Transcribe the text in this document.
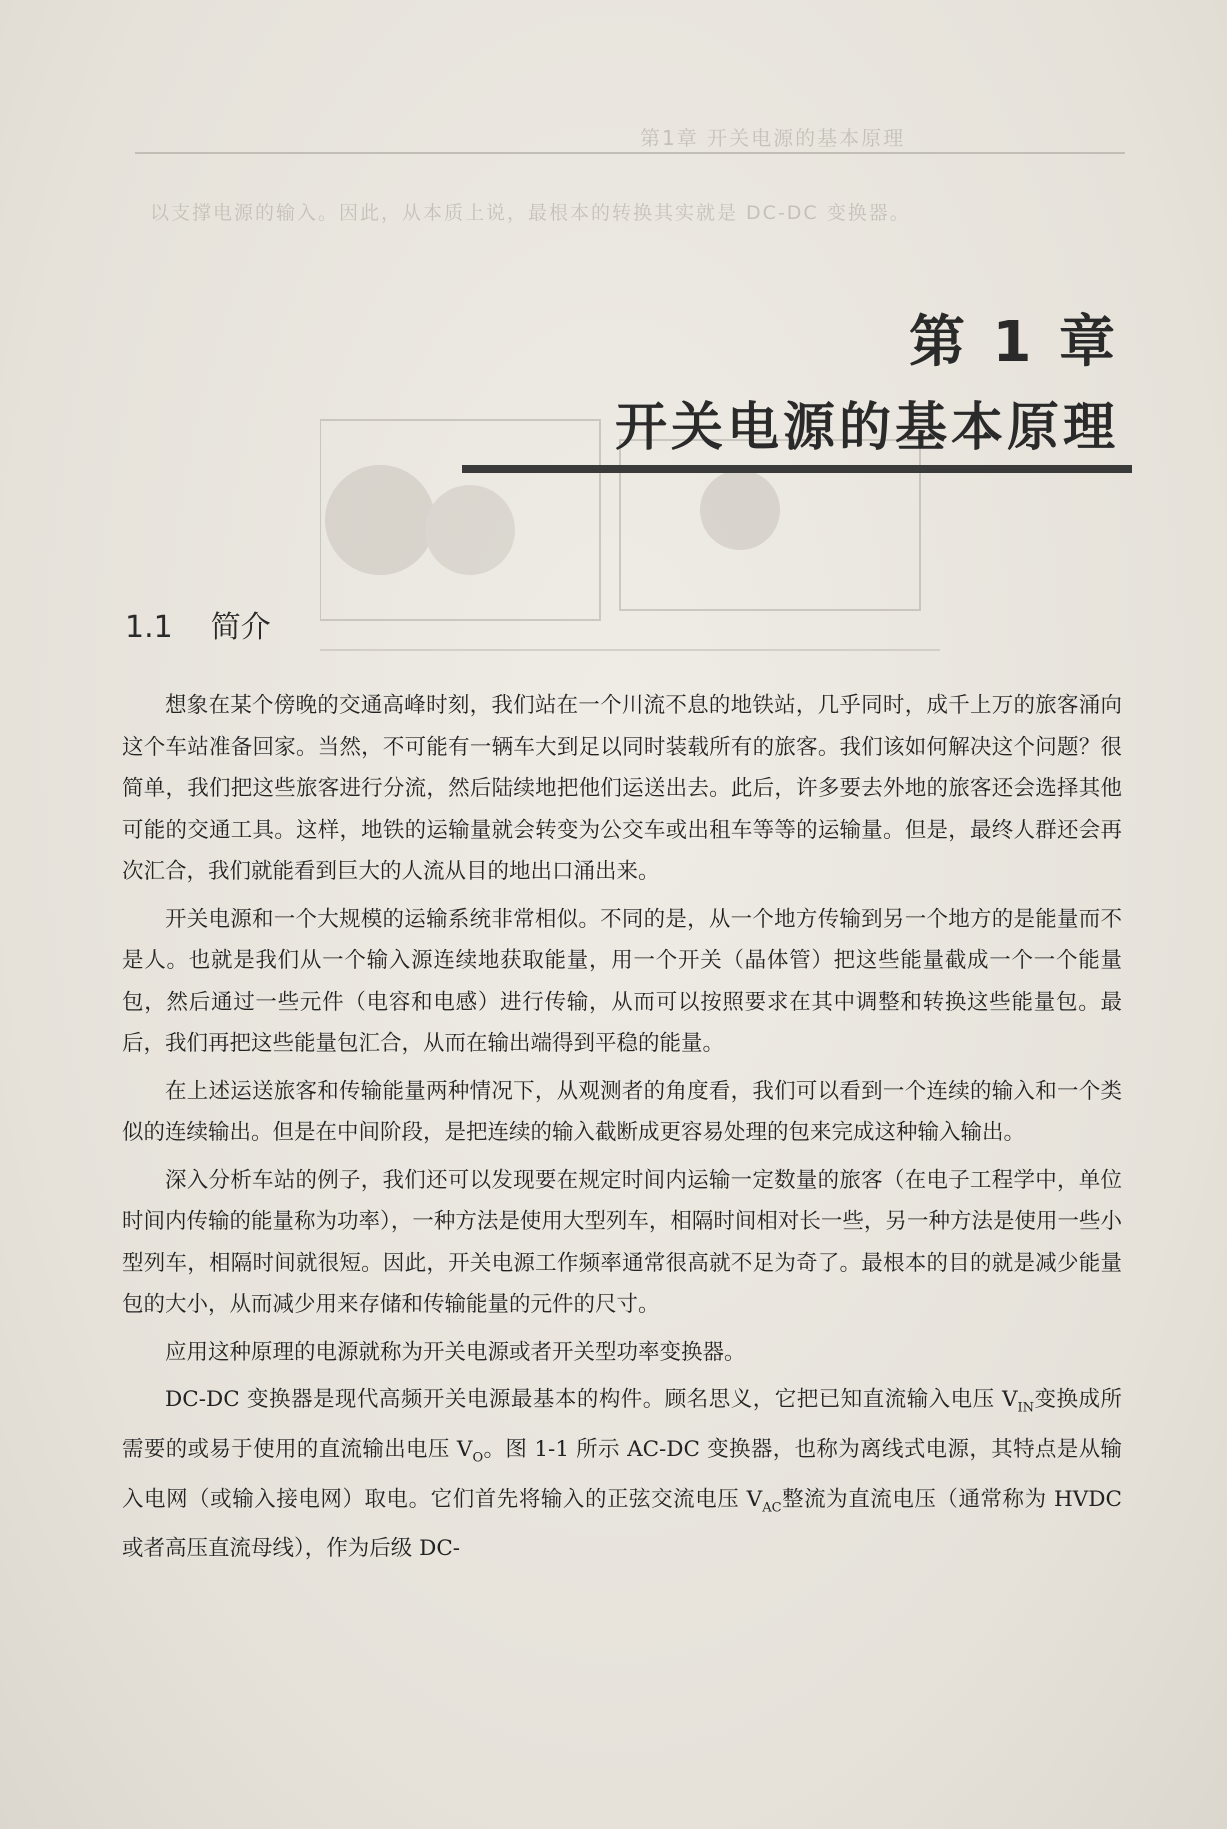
第1章 开关电源的基本原理
以支撑电源的输入。因此，从本质上说，最根本的转换其实就是 DC-DC 变换器。
第 1 章
开关电源的基本原理
1.1 简介

想象在某个傍晚的交通高峰时刻，我们站在一个川流不息的地铁站，几乎同时，成千上万的旅客涌向这个车站准备回家。当然，不可能有一辆车大到足以同时装载所有的旅客。我们该如何解决这个问题？很简单，我们把这些旅客进行分流，然后陆续地把他们运送出去。此后，许多要去外地的旅客还会选择其他可能的交通工具。这样，地铁的运输量就会转变为公交车或出租车等等的运输量。但是，最终人群还会再次汇合，我们就能看到巨大的人流从目的地出口涌出来。

开关电源和一个大规模的运输系统非常相似。不同的是，从一个地方传输到另一个地方的是能量而不是人。也就是我们从一个输入源连续地获取能量，用一个开关（晶体管）把这些能量截成一个一个能量包，然后通过一些元件（电容和电感）进行传输，从而可以按照要求在其中调整和转换这些能量包。最后，我们再把这些能量包汇合，从而在输出端得到平稳的能量。

在上述运送旅客和传输能量两种情况下，从观测者的角度看，我们可以看到一个连续的输入和一个类似的连续输出。但是在中间阶段，是把连续的输入截断成更容易处理的包来完成这种输入输出。

深入分析车站的例子，我们还可以发现要在规定时间内运输一定数量的旅客（在电子工程学中，单位时间内传输的能量称为功率），一种方法是使用大型列车，相隔时间相对长一些，另一种方法是使用一些小型列车，相隔时间就很短。因此，开关电源工作频率通常很高就不足为奇了。最根本的目的就是减少能量包的大小，从而减少用来存储和传输能量的元件的尺寸。

应用这种原理的电源就称为开关电源或者开关型功率变换器。

DC-DC 变换器是现代高频开关电源最基本的构件。顾名思义，它把已知直流输入电压 $V_{IN}$变换成所需要的或易于使用的直流输出电压 $V_O$。图 1-1 所示 AC-DC 变换器，也称为离线式电源，其特点是从输入电网（或输入接电网）取电。它们首先将输入的正弦交流电压 $V_{AC}$整流为直流电压（通常称为 HVDC 或者高压直流母线），作为后级 DC-
